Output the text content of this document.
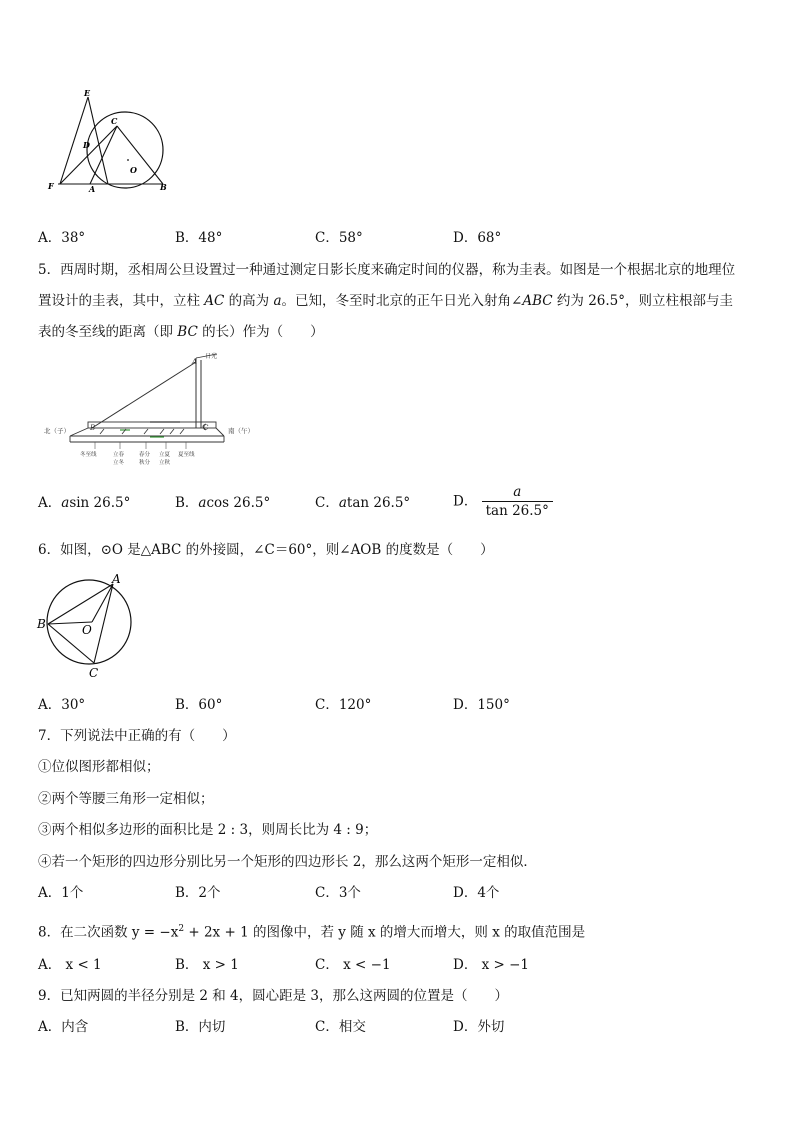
E
C
D
O
F	A	B
A．38°	B．48°	C．58°	D．68°
5．西周时期，丞相周公旦设置过一种通过测定日影长度来确定时间的仪器，称为圭表。如图是一个根据北京的地理位
置设计的圭表，其中，立柱 AC 的高为 a。已知，冬至时北京的正午日光入射角∠ABC 约为 26.5°，则立柱根部与圭
表的冬至线的距离（即 BC 的长）作为（　　）
日光
A
B	C
北（子）	南（午）
冬至线	立春
立冬
春分
秋分
立夏
立秋
夏至线
A．asin 26.5°	B．acos 26.5°	C．atan 26.5°	D． $\frac{a}{\tan 26.5^\circ}$
6．如图，⊙O 是△ABC 的外接圆，∠C＝60°，则∠AOB 的度数是（　　）
A
B	O
C
A．30°	B．60°	C．120°	D．150°
7．下列说法中正确的有（　　）
①位似图形都相似；
②两个等腰三角形一定相似；
③两个相似多边形的面积比是 2 : 3，则周长比为 4 : 9；
④若一个矩形的四边形分别比另一个矩形的四边形长 2，那么这两个矩形一定相似．
A．1个	B．2个	C．3个	D．4个
8．在二次函数 $y = -x^2 + 2x + 1$ 的图像中，若 y 随 x 的增大而增大，则 x 的取值范围是
A． x < 1	B． x > 1	C． x < −1	D． x > −1
9．已知两圆的半径分别是 2 和 4，圆心距是 3，那么这两圆的位置是（　　）
A．内含	B．内切	C．相交	D．外切
